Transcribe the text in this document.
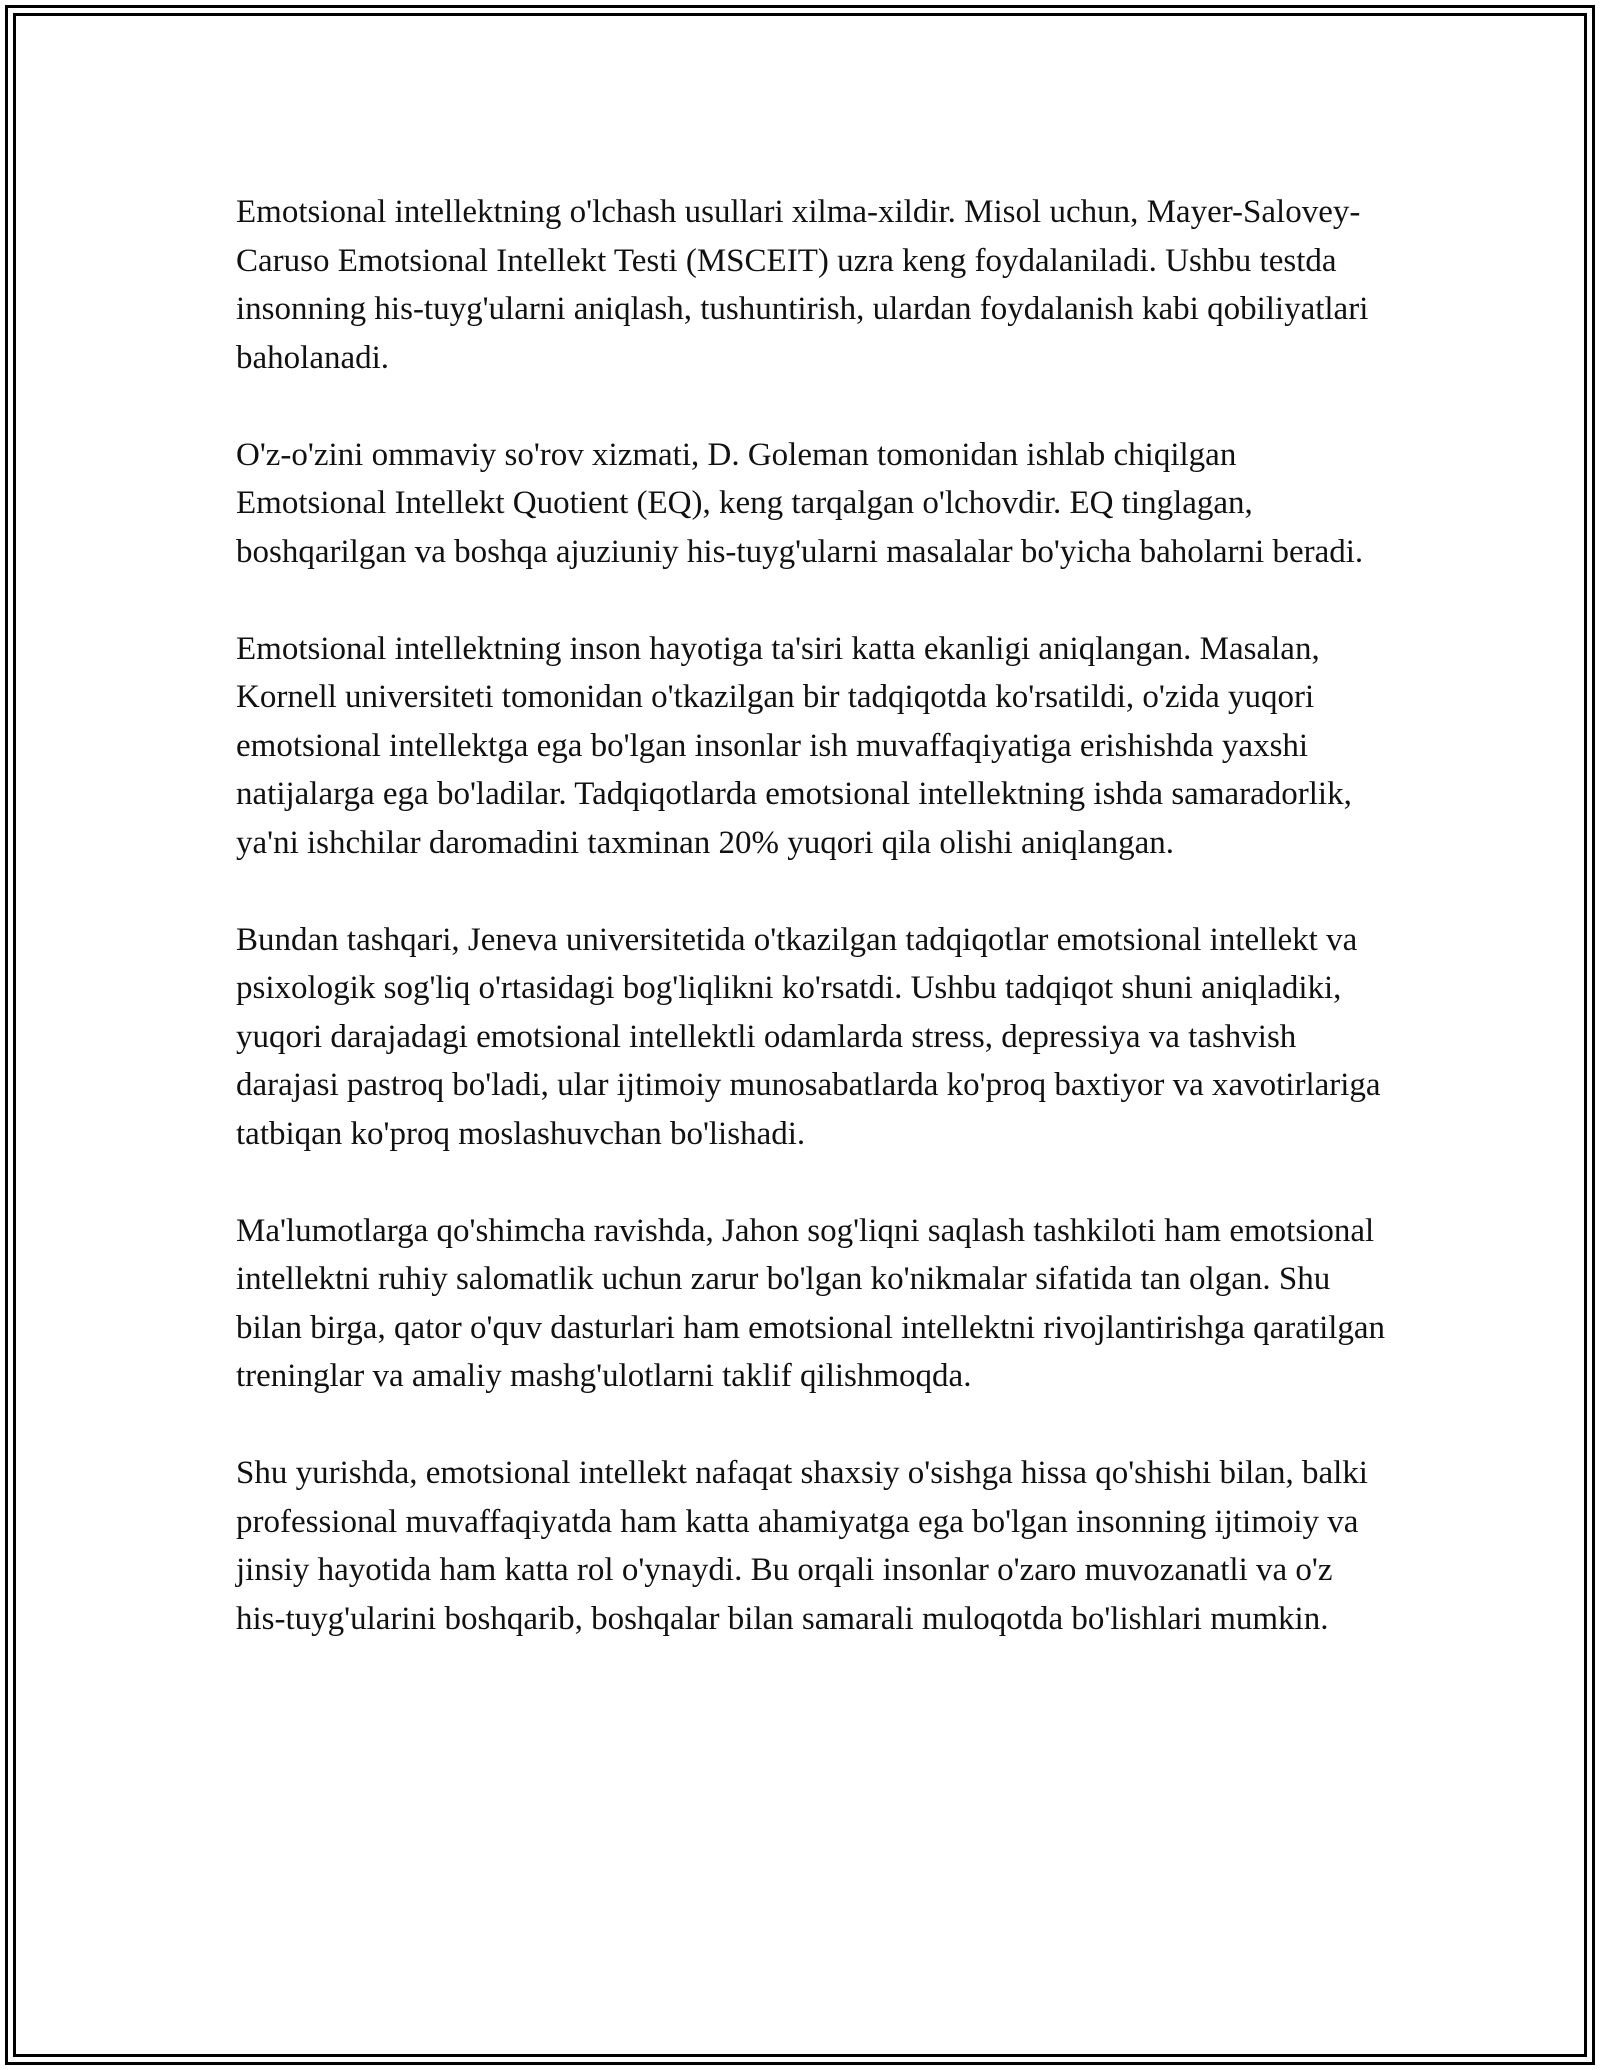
Emotsional intellektning o'lchash usullari xilma-xildir. Misol uchun, Mayer-Salovey-Caruso Emotsional Intellekt Testi (MSCEIT) uzra keng foydalaniladi. Ushbu testda insonning his-tuyg'ularni aniqlash, tushuntirish, ulardan foydalanish kabi qobiliyatlari baholanadi.

O'z-o'zini ommaviy so'rov xizmati, D. Goleman tomonidan ishlab chiqilgan Emotsional Intellekt Quotient (EQ), keng tarqalgan o'lchovdir. EQ tinglagan, boshqarilgan va boshqa ajuziuniy his-tuyg'ularni masalalar bo'yicha baholarni beradi.

Emotsional intellektning inson hayotiga ta'siri katta ekanligi aniqlangan. Masalan, Kornell universiteti tomonidan o'tkazilgan bir tadqiqotda ko'rsatildi, o'zida yuqori emotsional intellektga ega bo'lgan insonlar ish muvaffaqiyatiga erishishda yaxshi natijalarga ega bo'ladilar. Tadqiqotlarda emotsional intellektning ishda samaradorlik, ya'ni ishchilar daromadini taxminan 20% yuqori qila olishi aniqlangan.

Bundan tashqari, Jeneva universitetida o'tkazilgan tadqiqotlar emotsional intellekt va psixologik sog'liq o'rtasidagi bog'liqlikni ko'rsatdi. Ushbu tadqiqot shuni aniqladiki, yuqori darajadagi emotsional intellektli odamlarda stress, depressiya va tashvish darajasi pastroq bo'ladi, ular ijtimoiy munosabatlarda ko'proq baxtiyor va xavotirlariga tatbiqan ko'proq moslashuvchan bo'lishadi.

Ma'lumotlarga qo'shimcha ravishda, Jahon sog'liqni saqlash tashkiloti ham emotsional intellektni ruhiy salomatlik uchun zarur bo'lgan ko'nikmalar sifatida tan olgan. Shu bilan birga, qator o'quv dasturlari ham emotsional intellektni rivojlantirishga qaratilgan treninglar va amaliy mashg'ulotlarni taklif qilishmoqda.

Shu yurishda, emotsional intellekt nafaqat shaxsiy o'sishga hissa qo'shishi bilan, balki professional muvaffaqiyatda ham katta ahamiyatga ega bo'lgan insonning ijtimoiy va jinsiy hayotida ham katta rol o'ynaydi. Bu orqali insonlar o'zaro muvozanatli va o'z his-tuyg'ularini boshqarib, boshqalar bilan samarali muloqotda bo'lishlari mumkin.
